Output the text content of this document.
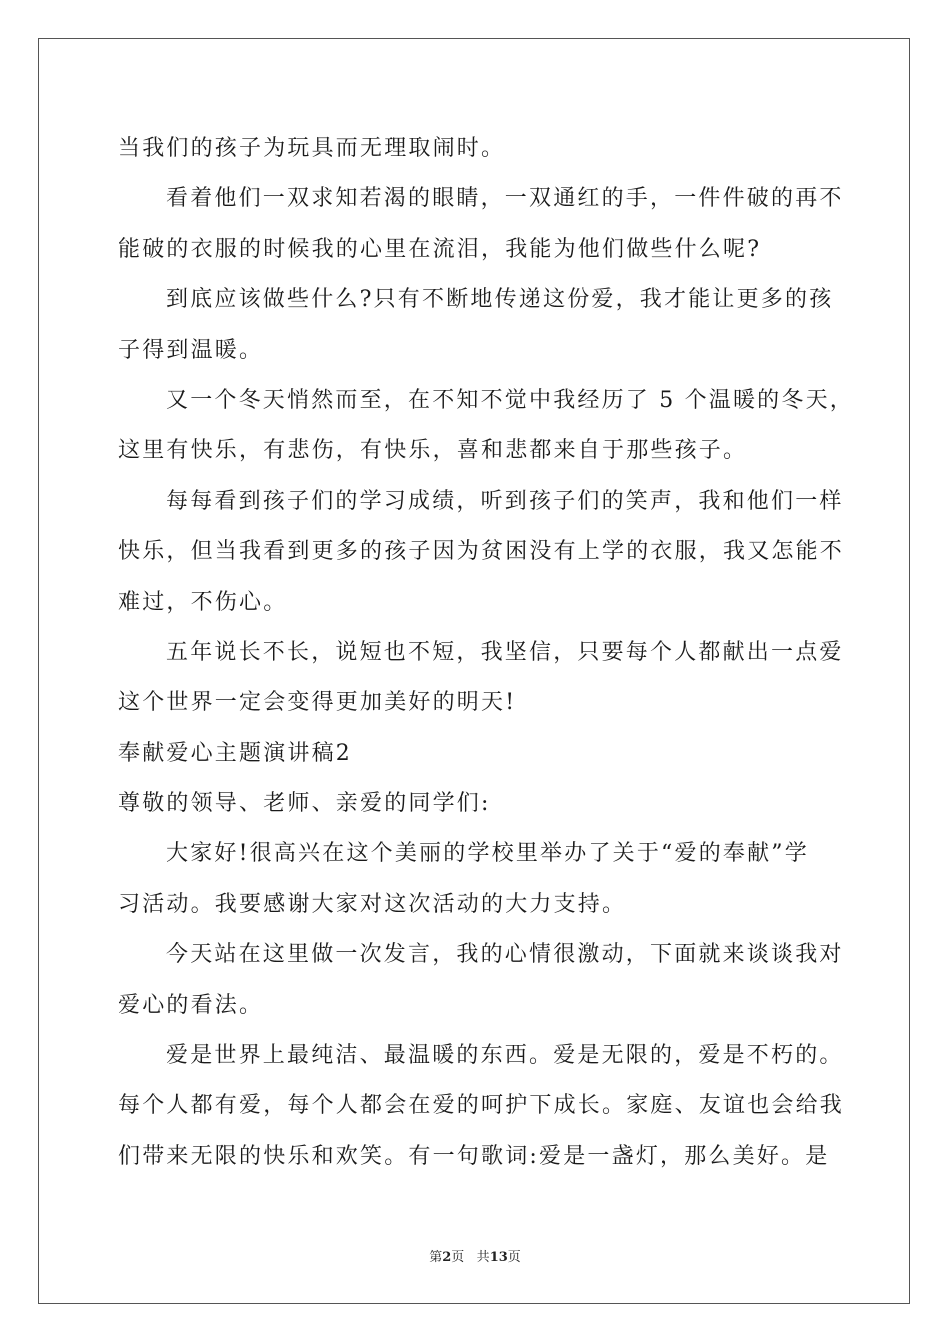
当我们的孩子为玩具而无理取闹时。
看着他们一双求知若渴的眼睛，一双通红的手，一件件破的再不
能破的衣服的时候我的心里在流泪，我能为他们做些什么呢?
到底应该做些什么?只有不断地传递这份爱，我才能让更多的孩
子得到温暖。
又一个冬天悄然而至，在不知不觉中我经历了 5 个温暖的冬天，
这里有快乐，有悲伤，有快乐，喜和悲都来自于那些孩子。
每每看到孩子们的学习成绩，听到孩子们的笑声，我和他们一样
快乐，但当我看到更多的孩子因为贫困没有上学的衣服，我又怎能不
难过，不伤心。
五年说长不长，说短也不短，我坚信，只要每个人都献出一点爱
这个世界一定会变得更加美好的明天!
奉献爱心主题演讲稿2
尊敬的领导、老师、亲爱的同学们:
大家好!很高兴在这个美丽的学校里举办了关于“爱的奉献”学
习活动。我要感谢大家对这次活动的大力支持。
今天站在这里做一次发言，我的心情很激动，下面就来谈谈我对
爱心的看法。
爱是世界上最纯洁、最温暖的东西。爱是无限的，爱是不朽的。
每个人都有爱，每个人都会在爱的呵护下成长。家庭、友谊也会给我
们带来无限的快乐和欢笑。有一句歌词:爱是一盏灯，那么美好。是
第2页 共13页
